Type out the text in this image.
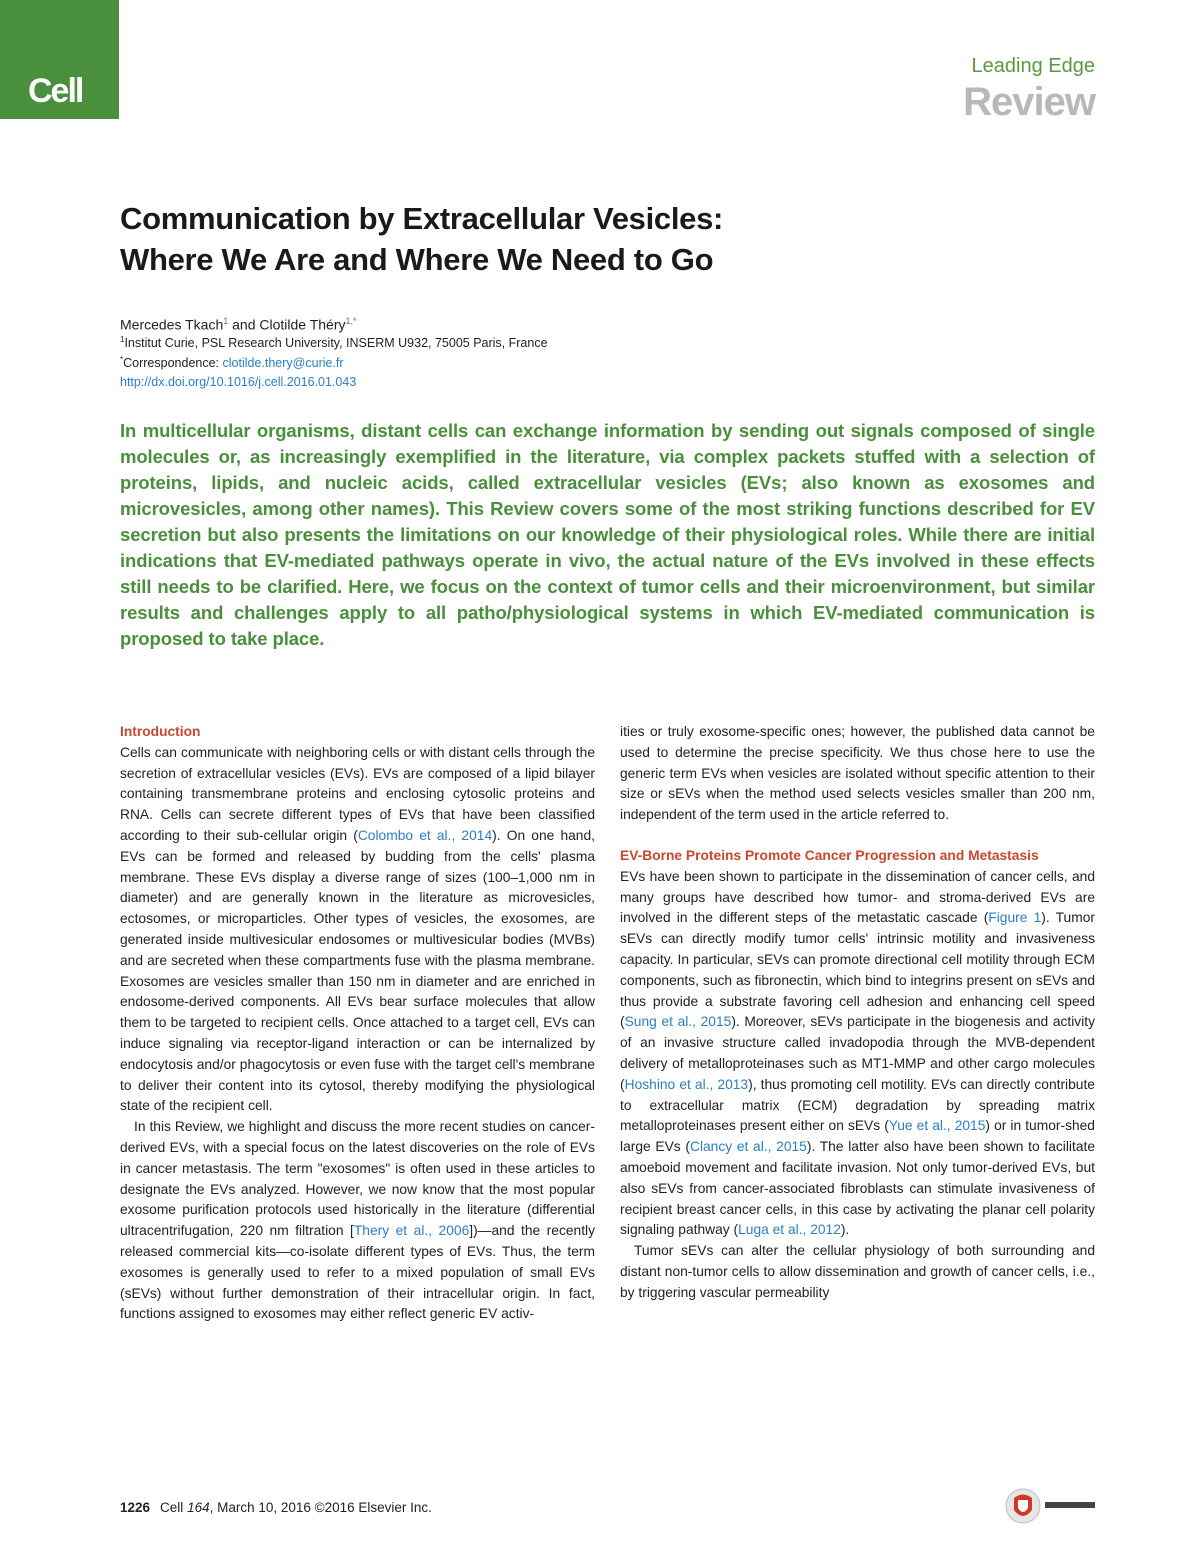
Cell
Leading Edge
Review
Communication by Extracellular Vesicles:
Where We Are and Where We Need to Go
Mercedes Tkach$^1$ and Clotilde Théry$^{1,*}$
$^1$Institut Curie, PSL Research University, INSERM U932, 75005 Paris, France
*Correspondence: clotilde.thery@curie.fr
http://dx.doi.org/10.1016/j.cell.2016.01.043

In multicellular organisms, distant cells can exchange information by sending out signals composed of single molecules or, as increasingly exemplified in the literature, via complex packets stuffed with a selection of proteins, lipids, and nucleic acids, called extracellular vesicles (EVs; also known as exosomes and microvesicles, among other names). This Review covers some of the most striking functions described for EV secretion but also presents the limitations on our knowledge of their physiological roles. While there are initial indications that EV-mediated pathways operate in vivo, the actual nature of the EVs involved in these effects still needs to be clarified. Here, we focus on the context of tumor cells and their microenvironment, but similar results and challenges apply to all patho/physiological systems in which EV-mediated communication is proposed to take place.

Introduction

Cells can communicate with neighboring cells or with distant cells through the secretion of extracellular vesicles (EVs). EVs are composed of a lipid bilayer containing transmembrane proteins and enclosing cytosolic proteins and RNA. Cells can secrete different types of EVs that have been classified according to their sub-cellular origin (Colombo et al., 2014). On one hand, EVs can be formed and released by budding from the cells' plasma membrane. These EVs display a diverse range of sizes (100–1,000 nm in diameter) and are generally known in the literature as microvesicles, ectosomes, or microparticles. Other types of vesicles, the exosomes, are generated inside multivesicular endosomes or multivesicular bodies (MVBs) and are secreted when these compartments fuse with the plasma membrane. Exosomes are vesicles smaller than 150 nm in diameter and are enriched in endosome-derived components. All EVs bear surface molecules that allow them to be targeted to recipient cells. Once attached to a target cell, EVs can induce signaling via receptor-ligand interaction or can be internalized by endocytosis and/or phagocytosis or even fuse with the target cell's membrane to deliver their content into its cytosol, thereby modifying the physiological state of the recipient cell.

In this Review, we highlight and discuss the more recent studies on cancer-derived EVs, with a special focus on the latest discoveries on the role of EVs in cancer metastasis. The term "exosomes" is often used in these articles to designate the EVs analyzed. However, we now know that the most popular exosome purification protocols used historically in the literature (differential ultracentrifugation, 220 nm filtration [Thery et al., 2006])—and the recently released commercial kits—co-isolate different types of EVs. Thus, the term exosomes is generally used to refer to a mixed population of small EVs (sEVs) without further demonstration of their intracellular origin. In fact, functions assigned to exosomes may either reflect generic EV activ-

ities or truly exosome-specific ones; however, the published data cannot be used to determine the precise specificity. We thus chose here to use the generic term EVs when vesicles are isolated without specific attention to their size or sEVs when the method used selects vesicles smaller than 200 nm, independent of the term used in the article referred to.

EV-Borne Proteins Promote Cancer Progression and Metastasis

EVs have been shown to participate in the dissemination of cancer cells, and many groups have described how tumor- and stroma-derived EVs are involved in the different steps of the metastatic cascade (Figure 1). Tumor sEVs can directly modify tumor cells' intrinsic motility and invasiveness capacity. In particular, sEVs can promote directional cell motility through ECM components, such as fibronectin, which bind to integrins present on sEVs and thus provide a substrate favoring cell adhesion and enhancing cell speed (Sung et al., 2015). Moreover, sEVs participate in the biogenesis and activity of an invasive structure called invadopodia through the MVB-dependent delivery of metalloproteinases such as MT1-MMP and other cargo molecules (Hoshino et al., 2013), thus promoting cell motility. EVs can directly contribute to extracellular matrix (ECM) degradation by spreading matrix metalloproteinases present either on sEVs (Yue et al., 2015) or in tumor-shed large EVs (Clancy et al., 2015). The latter also have been shown to facilitate amoeboid movement and facilitate invasion. Not only tumor-derived EVs, but also sEVs from cancer-associated fibroblasts can stimulate invasiveness of recipient breast cancer cells, in this case by activating the planar cell polarity signaling pathway (Luga et al., 2012).

Tumor sEVs can alter the cellular physiology of both surrounding and distant non-tumor cells to allow dissemination and growth of cancer cells, i.e., by triggering vascular permeability

1226 Cell 164, March 10, 2016 ©2016 Elsevier Inc.
